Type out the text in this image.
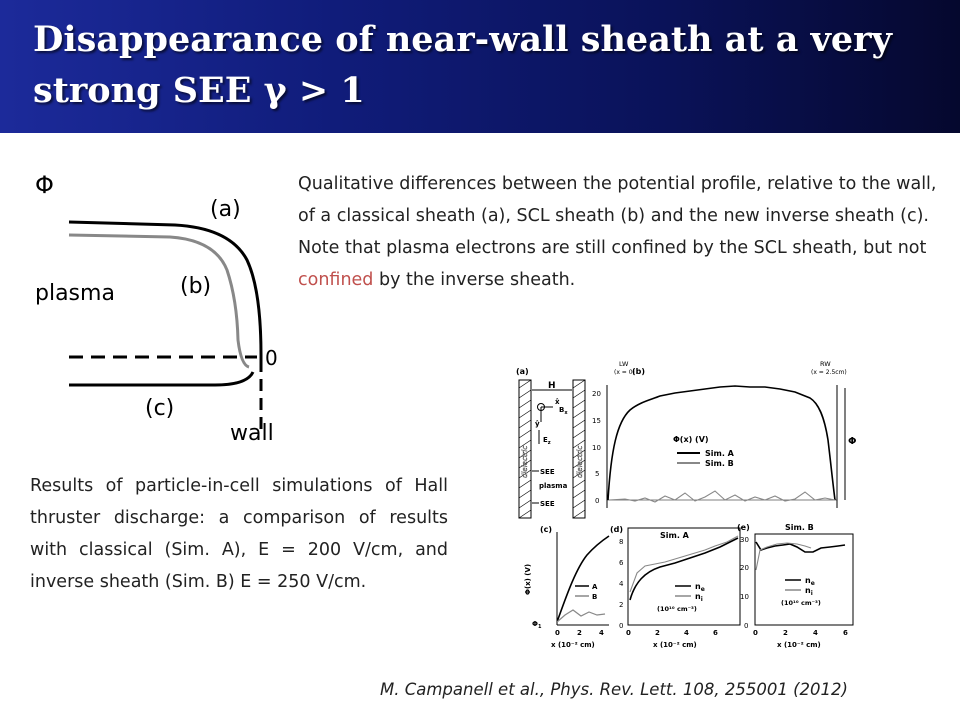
Disappearance of near-wall sheath at a very
strong SEE γ > 1
Φ
(a)
(b)
plasma
0
(c)
wall
Qualitative differences between the potential profile, relative to the wall, of a classical sheath (a), SCL sheath (b) and the new inverse sheath (c). Note that plasma electrons are still confined by the SCL sheath, but not confined by the inverse sheath.
Results of particle-in-cell simulations of Hall thruster discharge: a comparison of results with classical (Sim. A), E = 200 V/cm, and inverse sheath (Sim. B) E = 250 V/cm.
(a)
H
x̂
ŷ
$B_x$
$E_z$
dielectric	dielectric
SEE
plasma
SEE
(b)
LW
(x = 0)
RW
(x = 2.5cm)
20
15
10
5
0
Φ(x) (V)
Sim. A
Sim. B
Φ
(c)
Φ(x) (V)	A
B
$\Phi_1$
0 2 4
x (10⁻² cm)
(d)
Sim. A
8
6
4
2
0
$n_e$
$n_i$
(10¹⁰ cm⁻³)
0	2	4	6
x (10⁻² cm)
(e)	Sim. B
30
20
10
0
$n_e$
$n_i$
(10¹⁰ cm⁻³)
0	2	4	6
x (10⁻² cm)
M. Campanell et al., Phys. Rev. Lett. 108, 255001 (2012)
